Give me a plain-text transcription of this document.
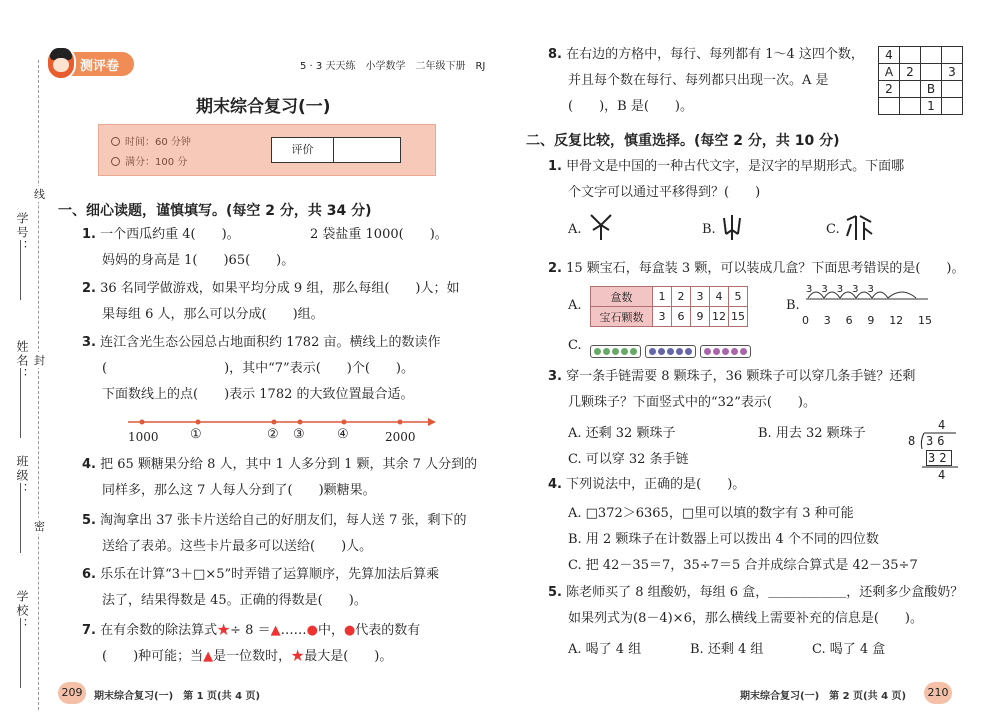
学号：
姓名：
班级：
学校：
线
封
密
测评卷	5 · 3 天天练　小学数学　二年级下册　RJ
期末综合复习(一)
时间：60 分钟
满分：100 分
评价
一、细心读题，谨慎填写。(每空 2 分，共 34 分)
1. 一个西瓜约重 4(　　)。	2 袋盐重 1000(　　)。
妈妈的身高是 1(　　)65(　　)。
2. 36 名同学做游戏，如果平均分成 9 组，那么每组(　　)人；如
果每组 6 人，那么可以分成(　　)组。
3. 连江含光生态公园总占地面积约 1782 亩。横线上的数读作
(　　　　　　　　　)，其中“7”表示(　　)个(　　)。
下面数线上的点(　　)表示 1782 的大致位置最合适。
1000 ①	② ③ ④	2000
4. 把 65 颗糖果分给 8 人，其中 1 人多分到 1 颗，其余 7 人分到的
同样多，那么这 7 人每人分到了(　　)颗糖果。
5. 淘淘拿出 37 张卡片送给自己的好朋友们，每人送 7 张，剩下的
送给了表弟。这些卡片最多可以送给(　　)人。
6. 乐乐在计算“3＋□×5”时弄错了运算顺序，先算加法后算乘
法了，结果得数是 45。正确的得数是(　　)。
7. 在有余数的除法算式★÷ 8 ＝▲……●中，●代表的数有
(　　)种可能；当▲是一位数时，★最大是(　　)。
209	期末综合复习(一)　第 1 页(共 4 页)
8. 在右边的方格中，每行、每列都有 1～4 这四个数，
并且每个数在每行、每列都只出现一次。A 是
(　　)，B 是(　　)。
4			
A	2		3
2		B	
		1	
二、反复比较，慎重选择。(每空 2 分，共 10 分)
1. 甲骨文是中国的一种古代文字，是汉字的早期形式。下面哪
个文字可以通过平移得到？(　　)
A.	B.	C.
2. 15 颗宝石，每盒装 3 颗，可以装成几盒？下面思考错误的是(　　)。
A.
盒数	1	2	3	4	5
宝石颗数	3	6	9	12	15
B.
33333
0 3 6 9 12 15
C.
3. 穿一条手链需要 8 颗珠子，36 颗珠子可以穿几条手链？还剩
几颗珠子？下面竖式中的“32”表示(　　)。
A. 还剩 32 颗珠子	B. 用去 32 颗珠子
C. 可以穿 32 条手链
4
8 36
32
4
4. 下列说法中，正确的是(　　)。
A. □372＞6365，□里可以填的数字有 3 种可能
B. 用 2 颗珠子在计数器上可以拨出 4 个不同的四位数
C. 把 42－35＝7，35÷7＝5 合并成综合算式是 42－35÷7
5. 陈老师买了 8 组酸奶，每组 6 盒，＿＿＿＿＿＿，还剩多少盒酸奶？
如果列式为(8－4)×6，那么横线上需要补充的信息是(　　)。
A. 喝了 4 组	B. 还剩 4 组	C. 喝了 4 盒
期末综合复习(一)　第 2 页(共 4 页)	210
